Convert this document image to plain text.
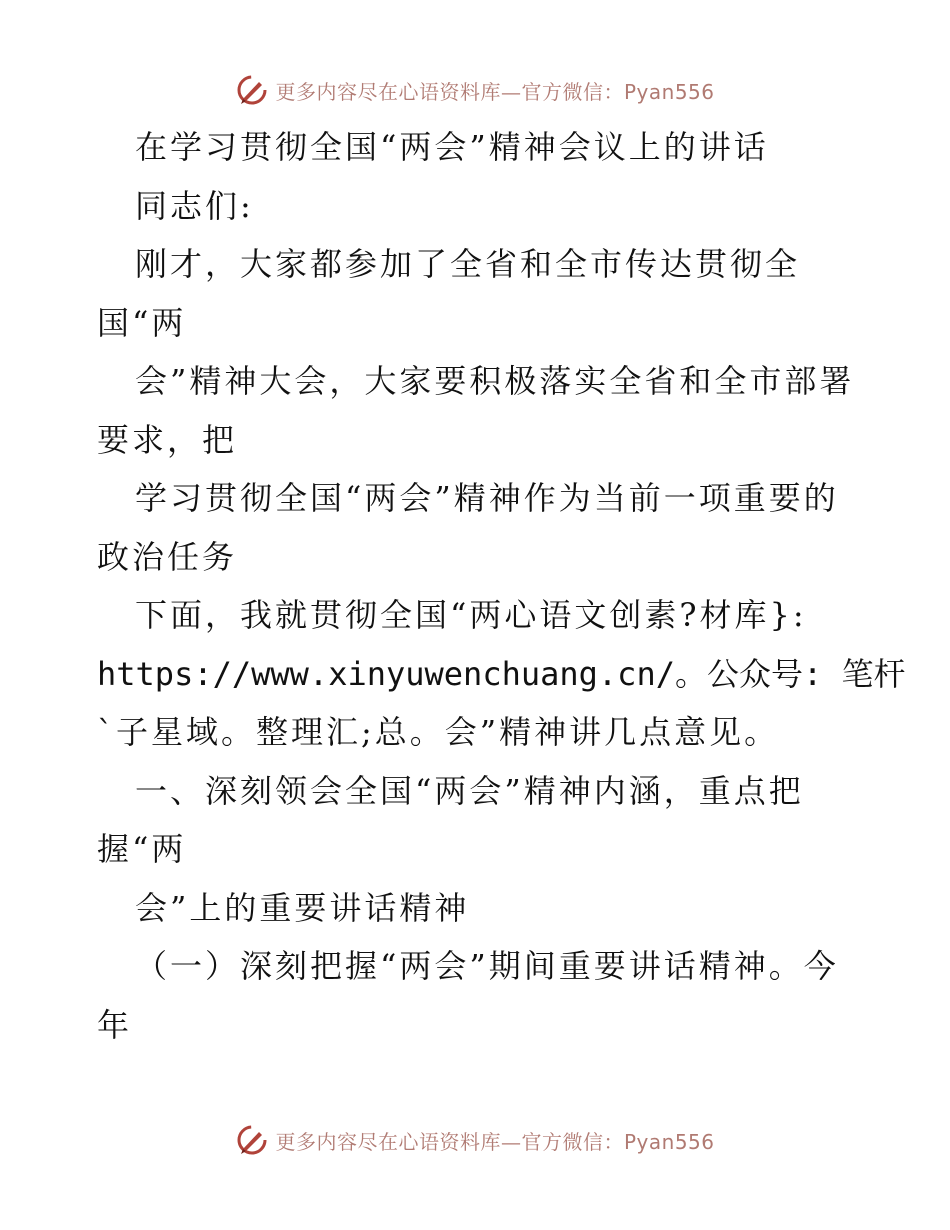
更多内容尽在心语资料库—官方微信：Pyan556
在学习贯彻全国“两会”精神会议上的讲话
同志们:
刚才，大家都参加了全省和全市传达贯彻全
国“两
会”精神大会，大家要积极落实全省和全市部署
要求，把
学习贯彻全国“两会”精神作为当前一项重要的
政治任务
下面，我就贯彻全国“两心语文创素?材库}:
https://www.xinyuwenchuang.cn/。公众号: 笔杆
`子星域。整理汇;总。会”精神讲几点意见。
一、深刻领会全国“两会”精神内涵，重点把
握“两
会”上的重要讲话精神
（一）深刻把握“两会”期间重要讲话精神。今
年
更多内容尽在心语资料库—官方微信：Pyan556
